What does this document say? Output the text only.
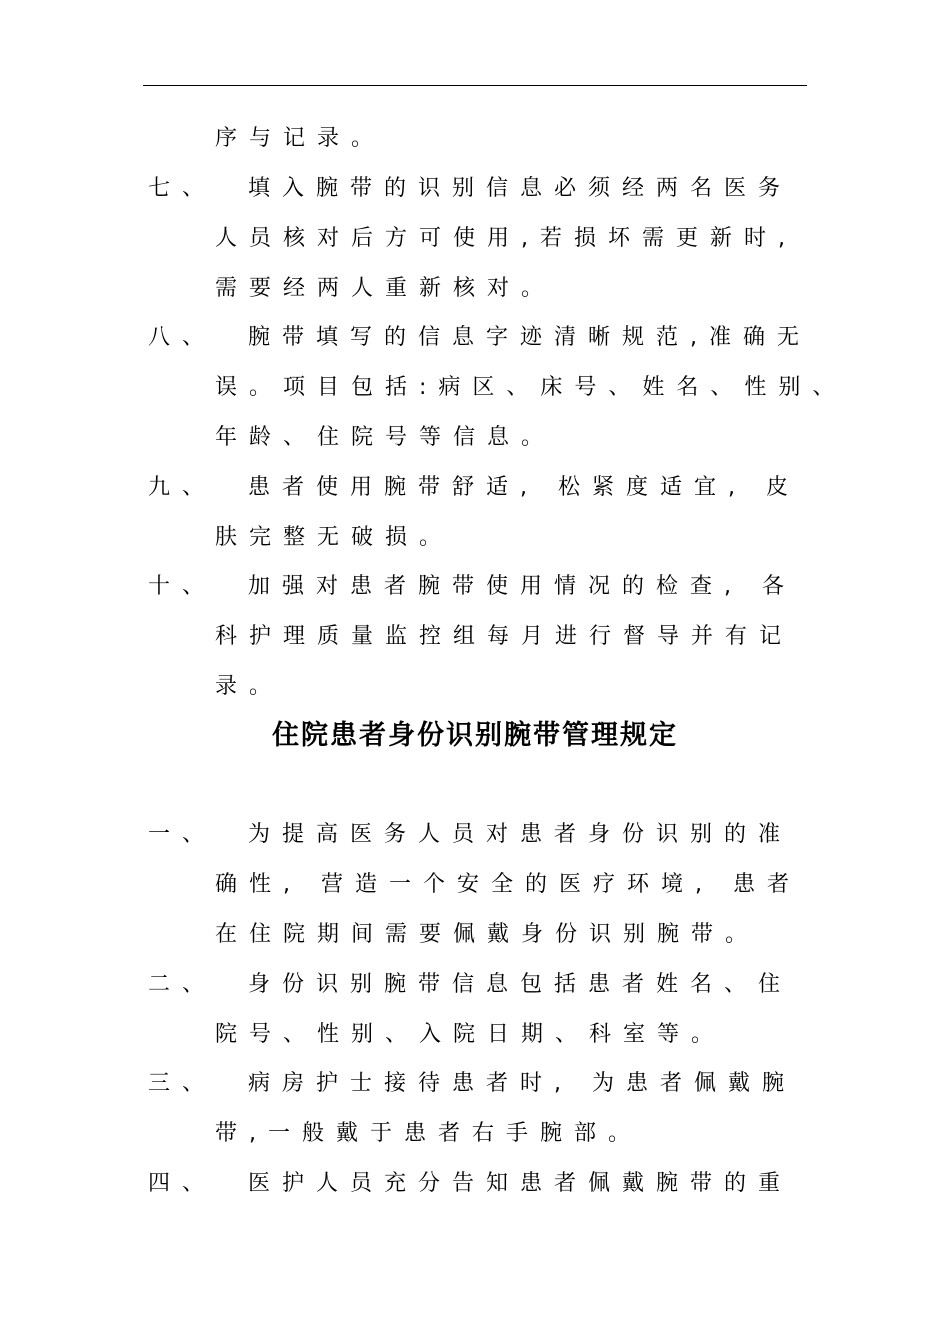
序与记录。
七、 填入腕带的识别信息必须经两名医务
人员核对后方可使用,若损坏需更新时,
需要经两人重新核对。
八、 腕带填写的信息字迹清晰规范,准确无
误。项目包括:病区、床号、姓名、性别、
年龄、住院号等信息。
九、 患者使用腕带舒适, 松紧度适宜, 皮
肤完整无破损。
十、 加强对患者腕带使用情况的检查, 各
科护理质量监控组每月进行督导并有记
录。
住院患者身份识别腕带管理规定
一、 为提高医务人员对患者身份识别的准
确性, 营造一个安全的医疗环境, 患者
在住院期间需要佩戴身份识别腕带。
二、 身份识别腕带信息包括患者姓名、住
院号、性别、入院日期、科室等。
三、 病房护士接待患者时, 为患者佩戴腕
带,一般戴于患者右手腕部。
四、 医护人员充分告知患者佩戴腕带的重
